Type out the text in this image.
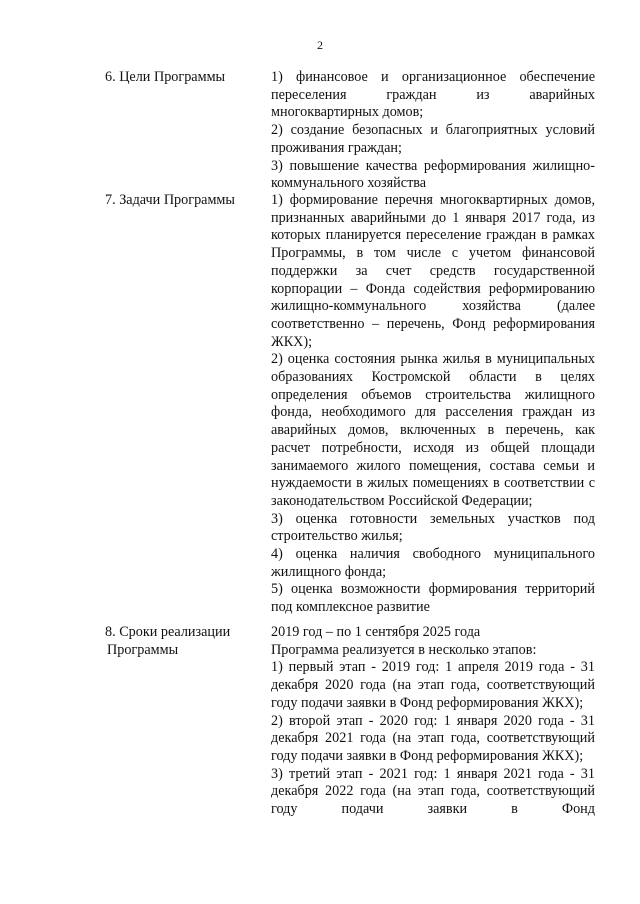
2
6. Цели Программы	1) финансовое и организационное обеспечение переселения граждан из аварийных многоквартирных домов;

2) создание безопасных и благоприятных условий проживания граждан;

3) повышение качества реформирования жилищно-коммунального хозяйства

7. Задачи Программы	1) формирование перечня многоквартирных домов, признанных аварийными до 1 января 2017 года, из которых планируется переселение граждан в рамках Программы, в том числе с учетом финансовой поддержки за счет средств государственной корпорации – Фонда содействия реформированию жилищно-коммунального хозяйства (далее соответственно – перечень, Фонд реформирования ЖКХ);

2) оценка состояния рынка жилья в муниципальных образованиях Костромской области в целях определения объемов строительства жилищного фонда, необходимого для расселения граждан из аварийных домов, включенных в перечень, как расчет потребности, исходя из общей площади занимаемого жилого помещения, состава семьи и нуждаемости в жилых помещениях в соответствии с законодательством Российской Федерации;

3) оценка готовности земельных участков под строительство жилья;

4) оценка наличия свободного муниципального жилищного фонда;

5) оценка возможности формирования территорий под комплексное развитие

8. Сроки реализации
Программы

2019 год – по 1 сентября 2025 года

Программа реализуется в несколько этапов:

1) первый этап - 2019 год: 1 апреля 2019 года - 31 декабря 2020 года (на этап года, соответствующий году подачи заявки в Фонд реформирования ЖКХ);

2) второй этап - 2020 год: 1 января 2020 года - 31 декабря 2021 года (на этап года, соответствующий году подачи заявки в Фонд реформирования ЖКХ);

3) третий этап - 2021 год: 1 января 2021 года - 31 декабря 2022 года (на этап года, соответствующий году подачи заявки в Фонд
